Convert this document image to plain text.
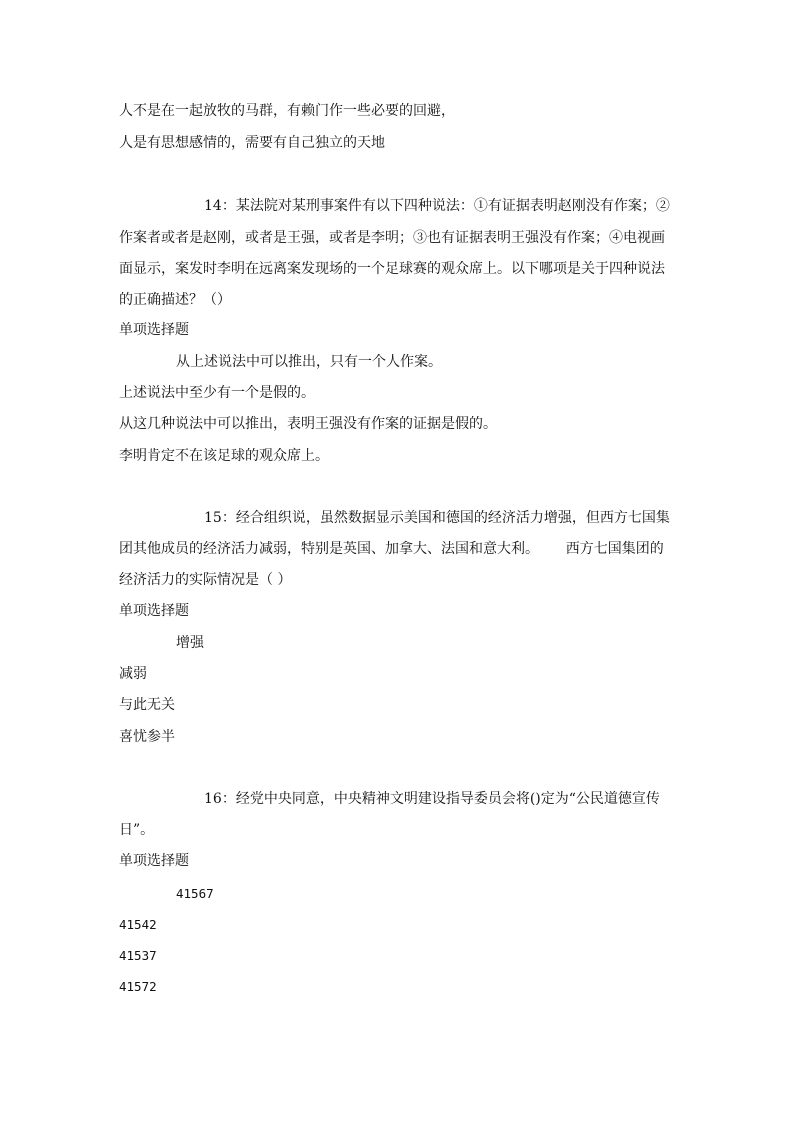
人不是在一起放牧的马群，有赖门作一些必要的回避，
人是有思想感情的，需要有自己独立的天地
14：某法院对某刑事案件有以下四种说法：①有证据表明赵刚没有作案；②
作案者或者是赵刚，或者是王强，或者是李明；③也有证据表明王强没有作案；④电视画
面显示，案发时李明在远离案发现场的一个足球赛的观众席上。以下哪项是关于四种说法
的正确描述？（）
单项选择题
从上述说法中可以推出，只有一个人作案。
上述说法中至少有一个是假的。
从这几种说法中可以推出，表明王强没有作案的证据是假的。
李明肯定不在该足球的观众席上。
15：经合组织说，虽然数据显示美国和德国的经济活力增强，但西方七国集
团其他成员的经济活力减弱，特别是英国、加拿大、法国和意大利。      西方七国集团的
经济活力的实际情况是（ ）
单项选择题
增强
减弱
与此无关
喜忧参半
16：经党中央同意，中央精神文明建设指导委员会将()定为“公民道德宣传
日”。
单项选择题
41567
41542
41537
41572
